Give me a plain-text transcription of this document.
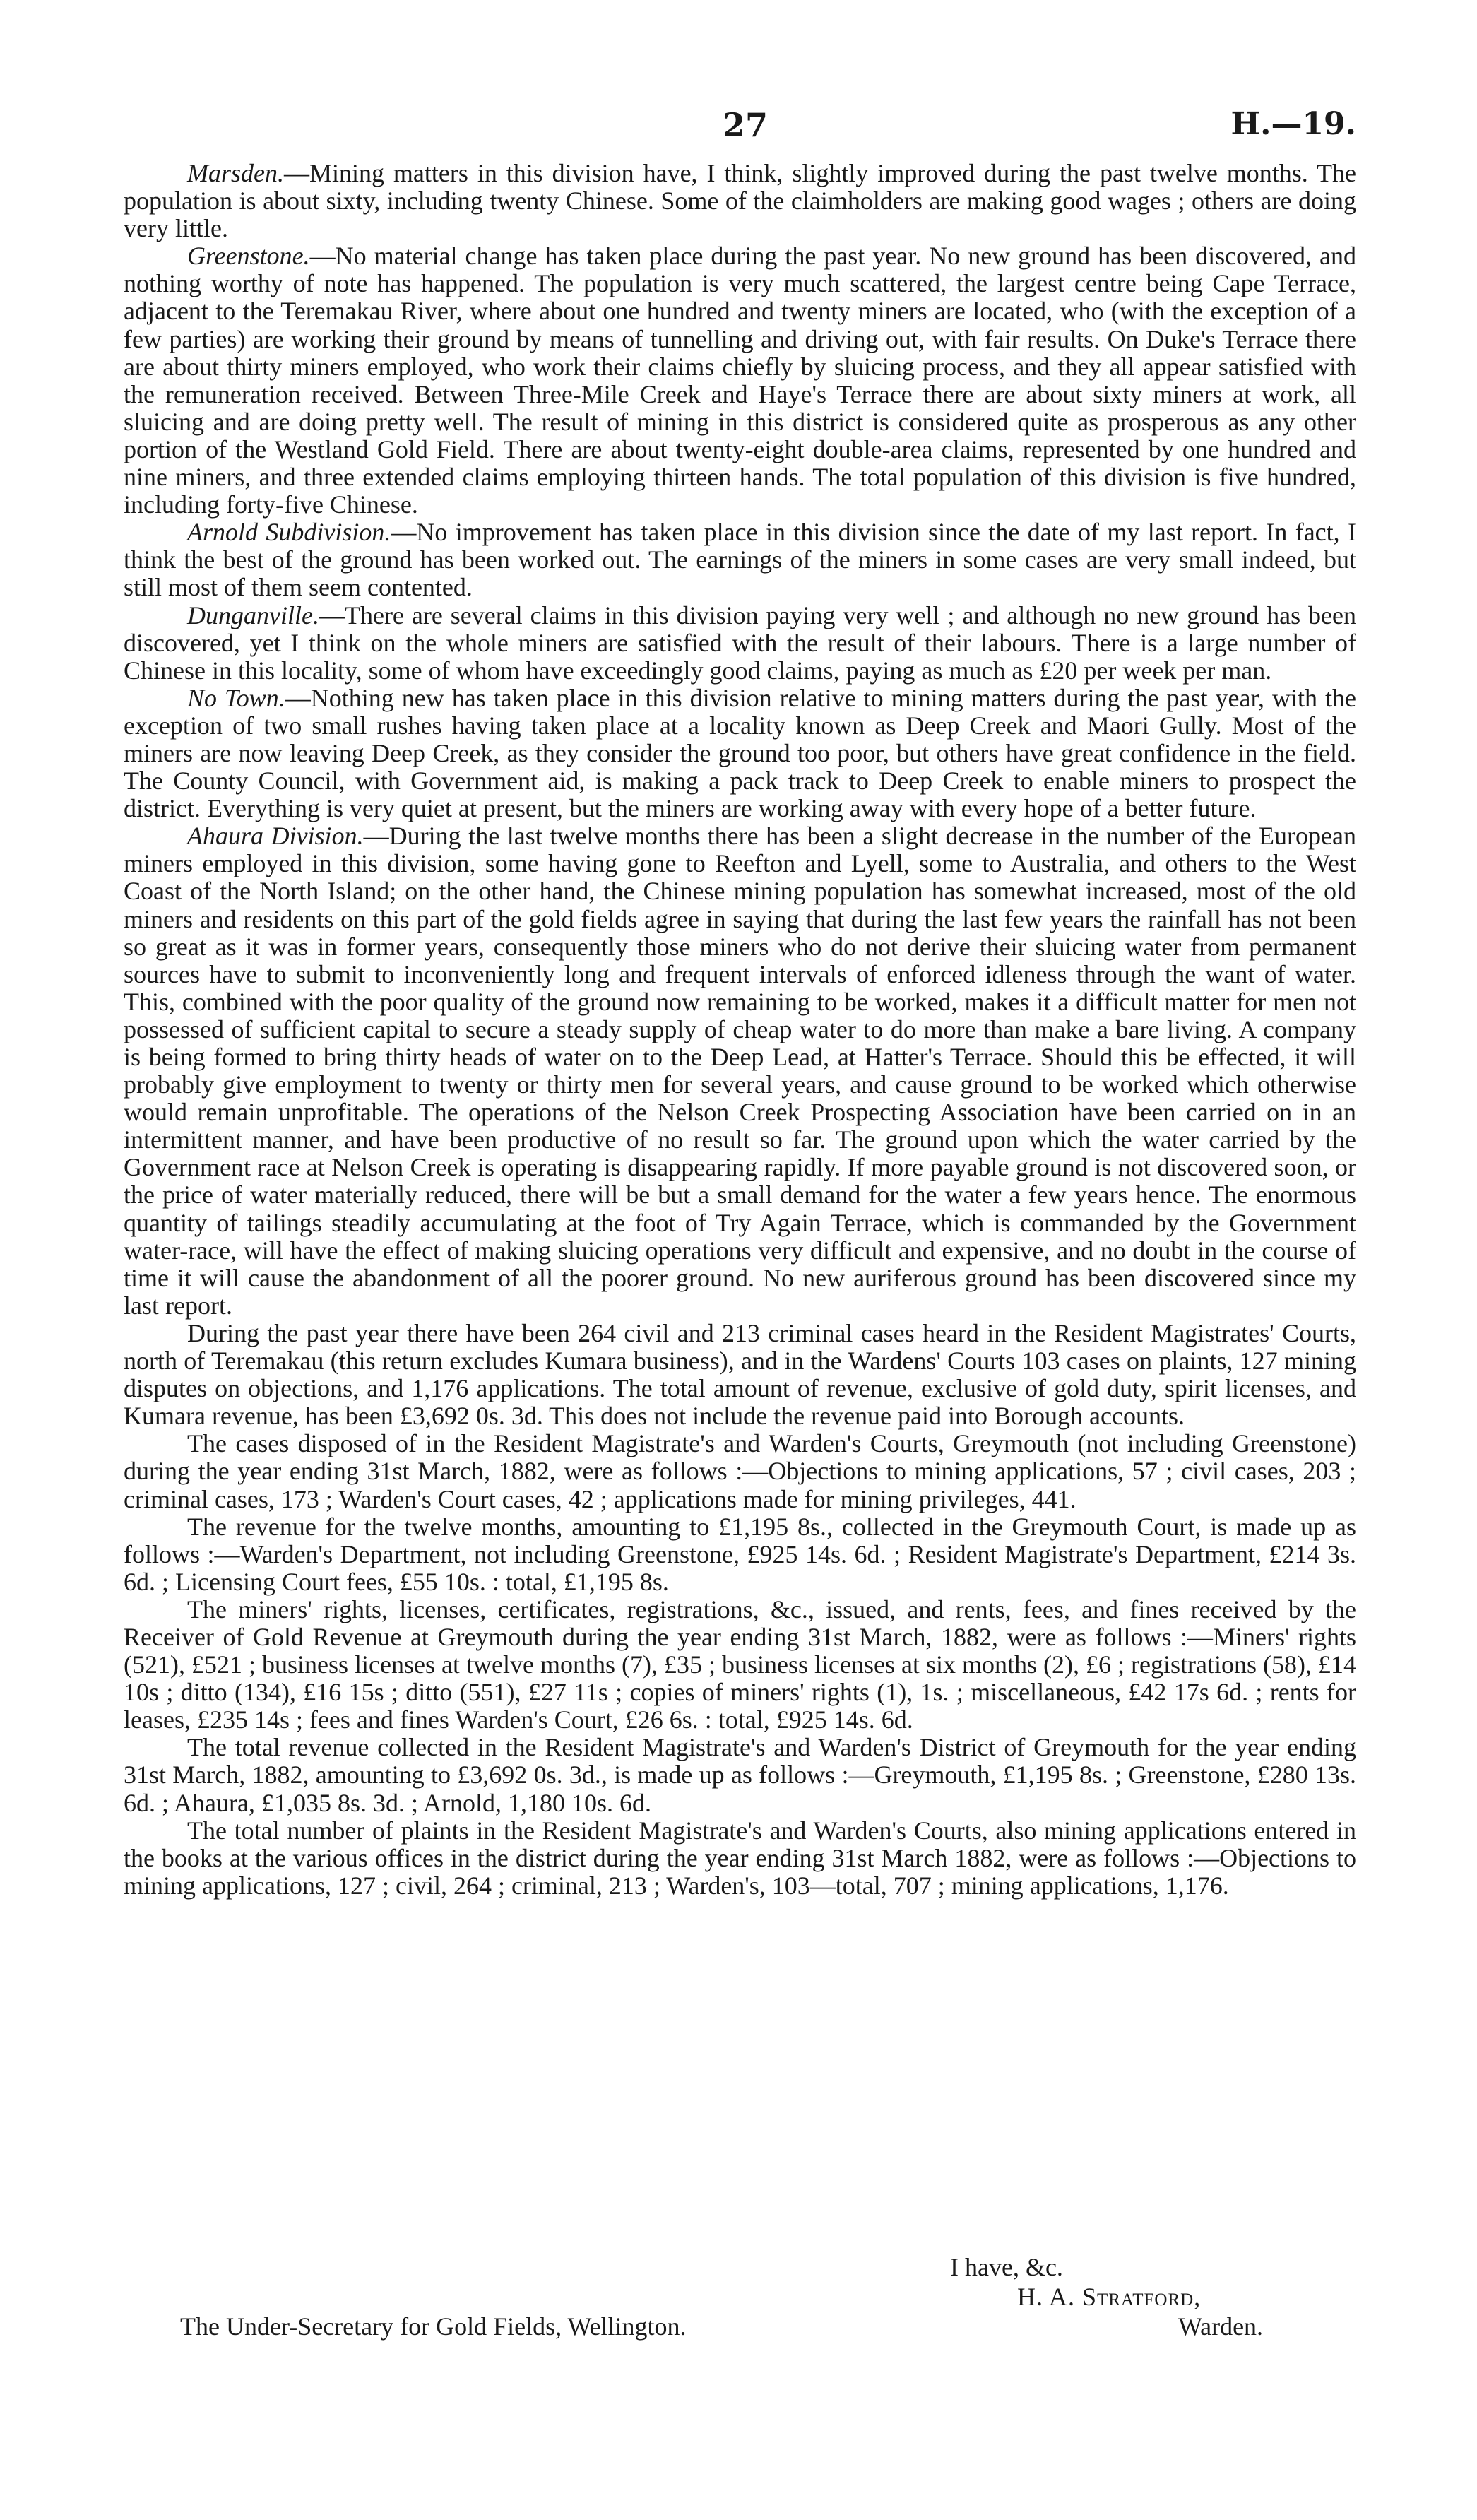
27	H.—19.

Marsden.—Mining matters in this division have, I think, slightly improved during the past twelve months. The population is about sixty, including twenty Chinese. Some of the claimholders are making good wages ; others are doing very little.

Greenstone.—No material change has taken place during the past year. No new ground has been discovered, and nothing worthy of note has happened. The population is very much scattered, the largest centre being Cape Terrace, adjacent to the Teremakau River, where about one hundred and twenty miners are located, who (with the exception of a few parties) are working their ground by means of tunnelling and driving out, with fair results. On Duke's Terrace there are about thirty miners employed, who work their claims chiefly by sluicing process, and they all appear satisfied with the remuneration received. Between Three-Mile Creek and Haye's Terrace there are about sixty miners at work, all sluicing and are doing pretty well. The result of mining in this district is considered quite as prosperous as any other portion of the Westland Gold Field. There are about twenty-eight double-area claims, represented by one hundred and nine miners, and three extended claims employing thirteen hands. The total population of this division is five hundred, including forty-five Chinese.

Arnold Subdivision.—No improvement has taken place in this division since the date of my last report. In fact, I think the best of the ground has been worked out. The earnings of the miners in some cases are very small indeed, but still most of them seem contented.

Dunganville.—There are several claims in this division paying very well ; and although no new ground has been discovered, yet I think on the whole miners are satisfied with the result of their labours. There is a large number of Chinese in this locality, some of whom have exceedingly good claims, paying as much as £20 per week per man.

No Town.—Nothing new has taken place in this division relative to mining matters during the past year, with the exception of two small rushes having taken place at a locality known as Deep Creek and Maori Gully. Most of the miners are now leaving Deep Creek, as they consider the ground too poor, but others have great confidence in the field. The County Council, with Government aid, is making a pack track to Deep Creek to enable miners to prospect the district. Everything is very quiet at present, but the miners are working away with every hope of a better future.

Ahaura Division.—During the last twelve months there has been a slight decrease in the number of the European miners employed in this division, some having gone to Reefton and Lyell, some to Australia, and others to the West Coast of the North Island; on the other hand, the Chinese mining population has somewhat increased, most of the old miners and residents on this part of the gold fields agree in saying that during the last few years the rainfall has not been so great as it was in former years, consequently those miners who do not derive their sluicing water from permanent sources have to submit to inconveniently long and frequent intervals of enforced idleness through the want of water. This, combined with the poor quality of the ground now remaining to be worked, makes it a difficult matter for men not possessed of sufficient capital to secure a steady supply of cheap water to do more than make a bare living. A company is being formed to bring thirty heads of water on to the Deep Lead, at Hatter's Terrace. Should this be effected, it will probably give employment to twenty or thirty men for several years, and cause ground to be worked which otherwise would remain unprofitable. The operations of the Nelson Creek Prospecting Association have been carried on in an intermittent manner, and have been productive of no result so far. The ground upon which the water carried by the Government race at Nelson Creek is operating is disappearing rapidly. If more payable ground is not discovered soon, or the price of water materially reduced, there will be but a small demand for the water a few years hence. The enormous quantity of tailings steadily accumulating at the foot of Try Again Terrace, which is commanded by the Government water-race, will have the effect of making sluicing operations very difficult and expensive, and no doubt in the course of time it will cause the abandonment of all the poorer ground. No new auriferous ground has been discovered since my last report.

During the past year there have been 264 civil and 213 criminal cases heard in the Resident Magistrates' Courts, north of Teremakau (this return excludes Kumara business), and in the Wardens' Courts 103 cases on plaints, 127 mining disputes on objections, and 1,176 applications. The total amount of revenue, exclusive of gold duty, spirit licenses, and Kumara revenue, has been £3,692 0s. 3d. This does not include the revenue paid into Borough accounts.

The cases disposed of in the Resident Magistrate's and Warden's Courts, Greymouth (not including Greenstone) during the year ending 31st March, 1882, were as follows :—Objections to mining applications, 57 ; civil cases, 203 ; criminal cases, 173 ; Warden's Court cases, 42 ; applications made for mining privileges, 441.

The revenue for the twelve months, amounting to £1,195 8s., collected in the Greymouth Court, is made up as follows :—Warden's Department, not including Greenstone, £925 14s. 6d. ; Resident Magistrate's Department, £214 3s. 6d. ; Licensing Court fees, £55 10s. : total, £1,195 8s.

The miners' rights, licenses, certificates, registrations, &c., issued, and rents, fees, and fines received by the Receiver of Gold Revenue at Greymouth during the year ending 31st March, 1882, were as follows :—Miners' rights (521), £521 ; business licenses at twelve months (7), £35 ; business licenses at six months (2), £6 ; registrations (58), £14 10s ; ditto (134), £16 15s ; ditto (551), £27 11s ; copies of miners' rights (1), 1s. ; miscellaneous, £42 17s 6d. ; rents for leases, £235 14s ; fees and fines Warden's Court, £26 6s. : total, £925 14s. 6d.

The total revenue collected in the Resident Magistrate's and Warden's District of Greymouth for the year ending 31st March, 1882, amounting to £3,692 0s. 3d., is made up as follows :—Greymouth, £1,195 8s. ; Greenstone, £280 13s. 6d. ; Ahaura, £1,035 8s. 3d. ; Arnold, 1,180 10s. 6d.

The total number of plaints in the Resident Magistrate's and Warden's Courts, also mining applications entered in the books at the various offices in the district during the year ending 31st March 1882, were as follows :—Objections to mining applications, 127 ; civil, 264 ; criminal, 213 ; Warden's, 103—total, 707 ; mining applications, 1,176.

I have, &c.
H. A. Stratford,
Warden.
The Under-Secretary for Gold Fields, Wellington.
